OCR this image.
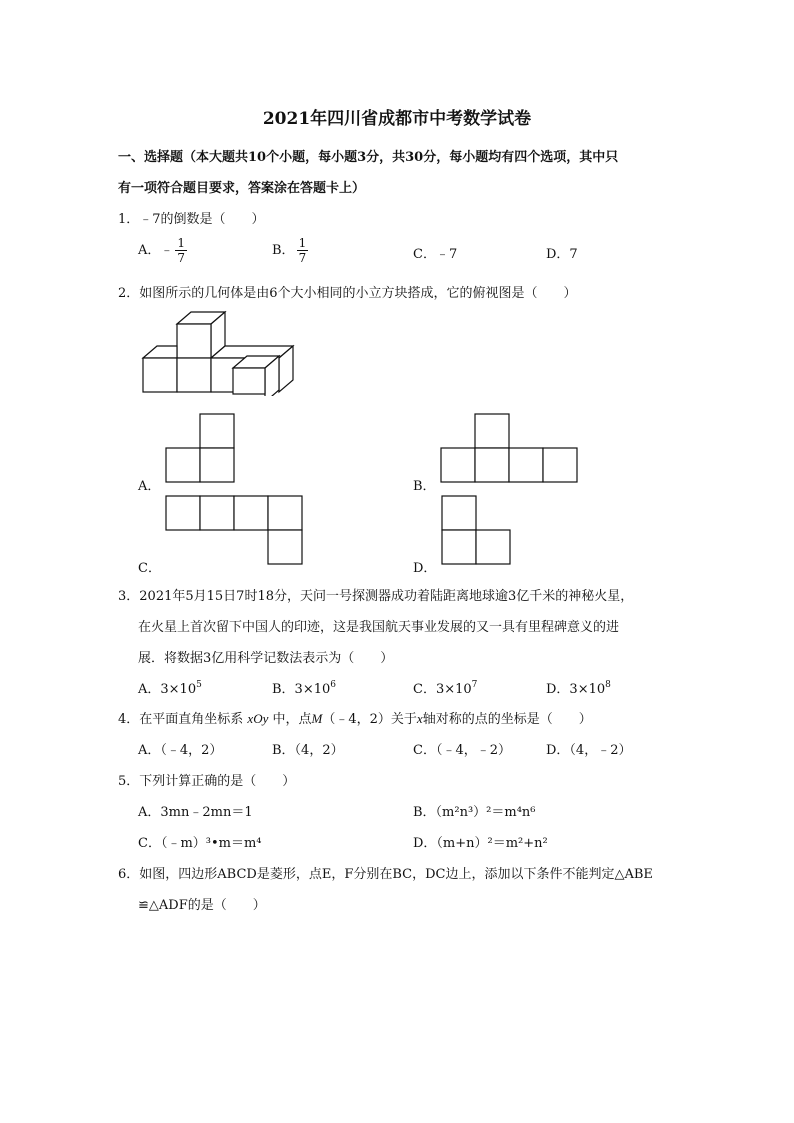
2021年四川省成都市中考数学试卷
一、选择题（本大题共10个小题，每小题3分，共30分，每小题均有四个选项，其中只
有一项符合题目要求，答案涂在答题卡上）
1．﹣7的倒数是（　　）
A．﹣ $\frac{1}{7}$	B． $\frac{1}{7}$	C．﹣7	D．7
2．如图所示的几何体是由6个大小相同的小立方块搭成，它的俯视图是（　　）
A．	B．
C．	D．
3．2021年5月15日7时18分，天问一号探测器成功着陆距离地球逾3亿千米的神秘火星，
在火星上首次留下中国人的印迹，这是我国航天事业发展的又一具有里程碑意义的进
展．将数据3亿用科学记数法表示为（　　）
A．$3\times 10^5$	B．$3\times 10^6$	C．$3\times 10^7$	D．$3\times 10^8$
4．在平面直角坐标系 xOy 中，点M（﹣4，2）关于x轴对称的点的坐标是（　　）
A．（﹣4，2）	B．（4，2）	C．（﹣4，﹣2）	D．（4，﹣2）
5．下列计算正确的是（　　）
A．3mn﹣2mn＝1	B．（m²n³）²＝m⁴n⁶
C．（﹣m）³•m＝m⁴	D．（m+n）²＝m²+n²
6．如图，四边形ABCD是菱形，点E，F分别在BC，DC边上，添加以下条件不能判定△ABE
≌△ADF的是（　　）
